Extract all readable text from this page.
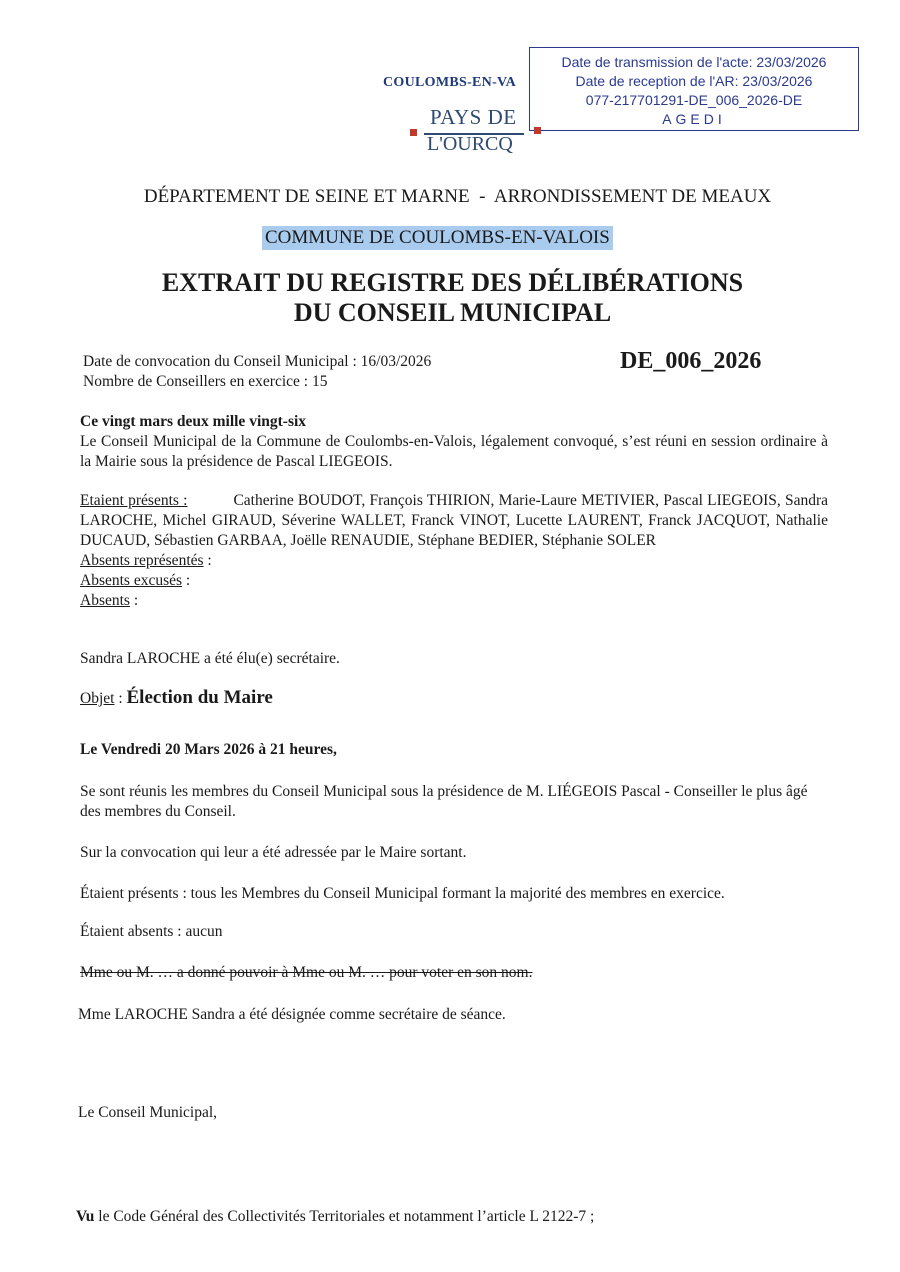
Date de transmission de l'acte: 23/03/2026
Date de reception de l'AR: 23/03/2026
077-217701291-DE_006_2026-DE
AGEDI
COULOMBS-EN-VA
PAYS DE
L'OURCQ
DÉPARTEMENT DE SEINE ET MARNE  -  ARRONDISSEMENT DE MEAUX
COMMUNE DE COULOMBS-EN-VALOIS
EXTRAIT DU REGISTRE DES DÉLIBÉRATIONS
DU CONSEIL MUNICIPAL
Date de convocation du Conseil Municipal : 16/03/2026
Nombre de Conseillers en exercice : 15
DE_006_2026
Ce vingt mars deux mille vingt-six
Le Conseil Municipal de la Commune de Coulombs-en-Valois, légalement convoqué, s’est réuni en session ordinaire à la Mairie sous la présidence de Pascal LIEGEOIS.
Etaient présents :	Catherine BOUDOT, François THIRION, Marie-Laure METIVIER, Pascal LIEGEOIS, Sandra LAROCHE, Michel GIRAUD, Séverine WALLET, Franck VINOT, Lucette LAURENT, Franck JACQUOT, Nathalie DUCAUD, Sébastien GARBAA, Joëlle RENAUDIE, Stéphane BEDIER, Stéphanie SOLER
Absents représentés :
Absents excusés :
Absents :
Sandra LAROCHE a été élu(e) secrétaire.
Objet : Élection du Maire
Le Vendredi 20 Mars 2026 à 21 heures,
Se sont réunis les membres du Conseil Municipal sous la présidence de M. LIÉGEOIS Pascal - Conseiller le plus âgé des membres du Conseil.
Sur la convocation qui leur a été adressée par le Maire sortant.
Étaient présents : tous les Membres du Conseil Municipal formant la majorité des membres en exercice.
Étaient absents : aucun
Mme ou M. … a donné pouvoir à Mme ou M. … pour voter en son nom.
Mme LAROCHE Sandra a été désignée comme secrétaire de séance.
Le Conseil Municipal,
Vu le Code Général des Collectivités Territoriales et notamment l’article L 2122-7 ;
